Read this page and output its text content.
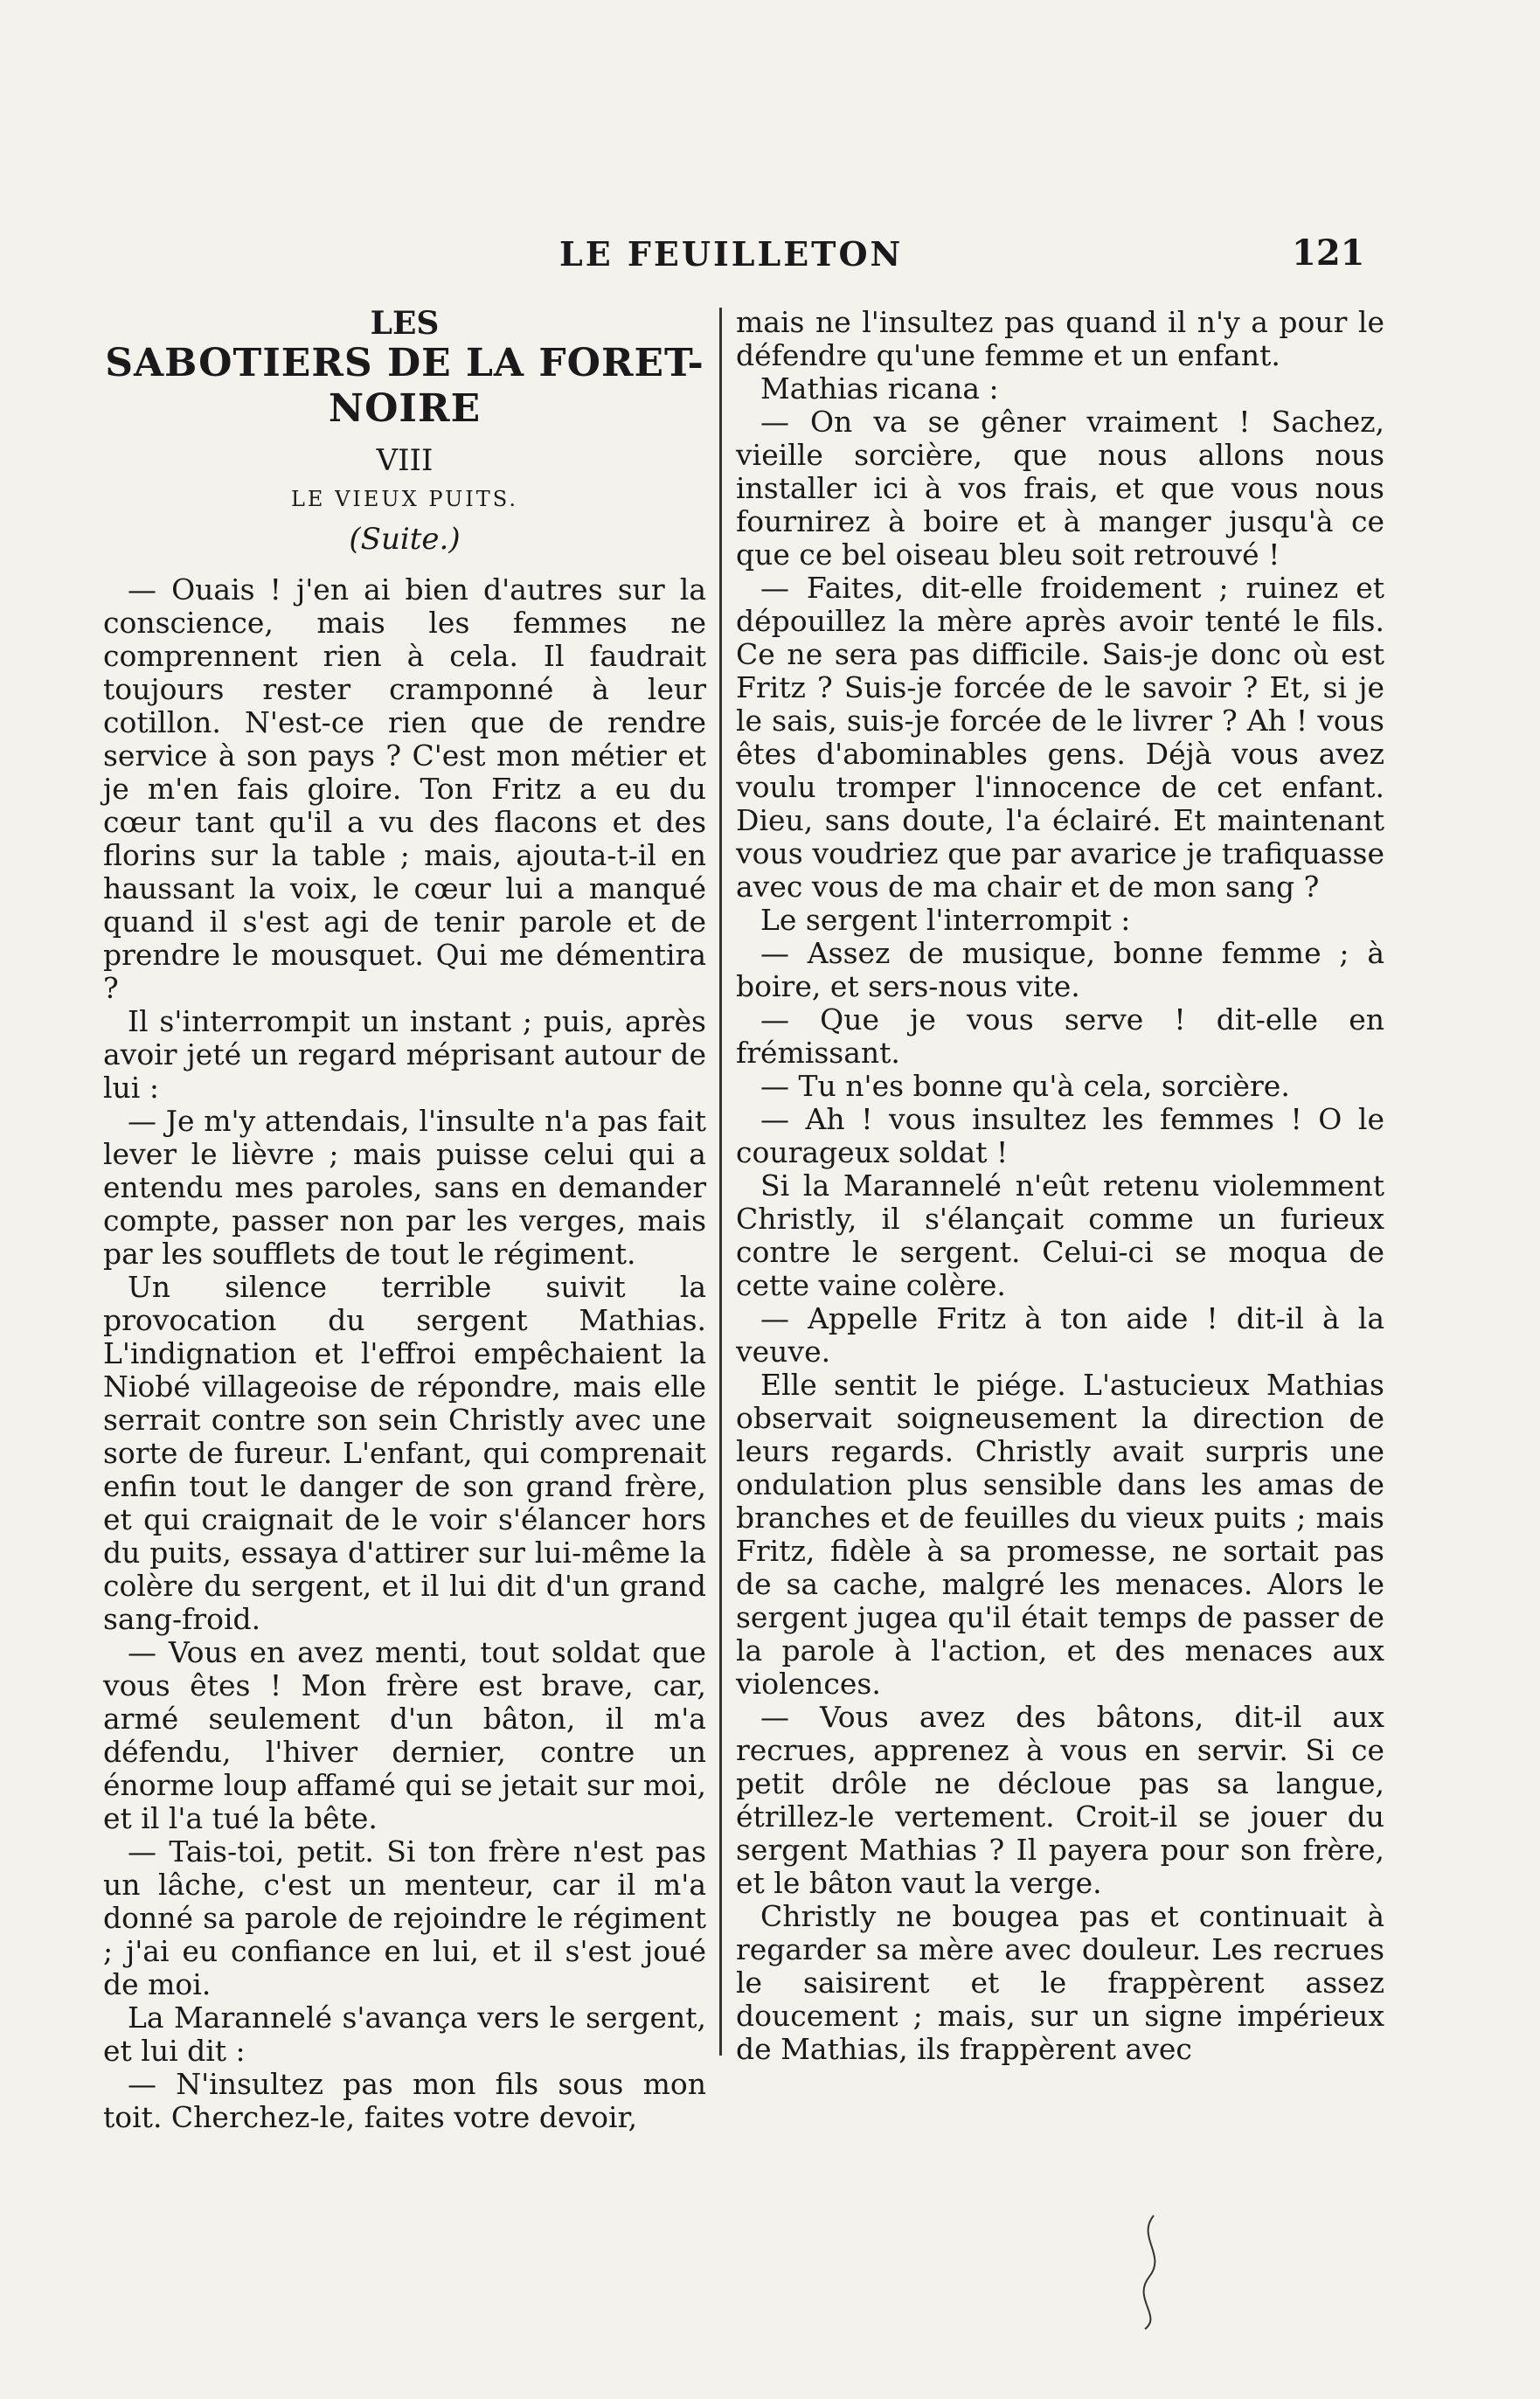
LE FEUILLETON	121
LES
SABOTIERS DE LA FORET-NOIRE
VIII
LE VIEUX PUITS.
(Suite.)

— Ouais ! j'en ai bien d'autres sur la conscience, mais les femmes ne comprennent rien à cela. Il faudrait toujours rester cramponné à leur cotillon. N'est-ce rien que de rendre service à son pays ? C'est mon métier et je m'en fais gloire. Ton Fritz a eu du cœur tant qu'il a vu des flacons et des florins sur la table ; mais, ajouta-t-il en haussant la voix, le cœur lui a manqué quand il s'est agi de tenir parole et de prendre le mousquet. Qui me démentira ?

Il s'interrompit un instant ; puis, après avoir jeté un regard méprisant autour de lui :

— Je m'y attendais, l'insulte n'a pas fait lever le lièvre ; mais puisse celui qui a entendu mes paroles, sans en demander compte, passer non par les verges, mais par les soufflets de tout le régiment.

Un silence terrible suivit la provocation du sergent Mathias. L'indignation et l'effroi empêchaient la Niobé villageoise de répondre, mais elle serrait contre son sein Christly avec une sorte de fureur. L'enfant, qui comprenait enfin tout le danger de son grand frère, et qui craignait de le voir s'élancer hors du puits, essaya d'attirer sur lui-même la colère du sergent, et il lui dit d'un grand sang-froid.

— Vous en avez menti, tout soldat que vous êtes ! Mon frère est brave, car, armé seulement d'un bâton, il m'a défendu, l'hiver dernier, contre un énorme loup affamé qui se jetait sur moi, et il l'a tué la bête.

— Tais-toi, petit. Si ton frère n'est pas un lâche, c'est un menteur, car il m'a donné sa parole de rejoindre le régiment ; j'ai eu confiance en lui, et il s'est joué de moi.

La Marannelé s'avança vers le sergent, et lui dit :

— N'insultez pas mon fils sous mon toit. Cherchez-le, faites votre devoir,

mais ne l'insultez pas quand il n'y a pour le défendre qu'une femme et un enfant.

Mathias ricana :

— On va se gêner vraiment ! Sachez, vieille sorcière, que nous allons nous installer ici à vos frais, et que vous nous fournirez à boire et à manger jusqu'à ce que ce bel oiseau bleu soit retrouvé !

— Faites, dit-elle froidement ; ruinez et dépouillez la mère après avoir tenté le fils. Ce ne sera pas difficile. Sais-je donc où est Fritz ? Suis-je forcée de le savoir ? Et, si je le sais, suis-je forcée de le livrer ? Ah ! vous êtes d'abominables gens. Déjà vous avez voulu tromper l'innocence de cet enfant. Dieu, sans doute, l'a éclairé. Et maintenant vous voudriez que par avarice je trafiquasse avec vous de ma chair et de mon sang ?

Le sergent l'interrompit :

— Assez de musique, bonne femme ; à boire, et sers-nous vite.

— Que je vous serve ! dit-elle en frémissant.

— Tu n'es bonne qu'à cela, sorcière.

— Ah ! vous insultez les femmes ! O le courageux soldat !

Si la Marannelé n'eût retenu violemment Christly, il s'élançait comme un furieux contre le sergent. Celui-ci se moqua de cette vaine colère.

— Appelle Fritz à ton aide ! dit-il à la veuve.

Elle sentit le piége. L'astucieux Mathias observait soigneusement la direction de leurs regards. Christly avait surpris une ondulation plus sensible dans les amas de branches et de feuilles du vieux puits ; mais Fritz, fidèle à sa promesse, ne sortait pas de sa cache, malgré les menaces. Alors le sergent jugea qu'il était temps de passer de la parole à l'action, et des menaces aux violences.

— Vous avez des bâtons, dit-il aux recrues, apprenez à vous en servir. Si ce petit drôle ne décloue pas sa langue, étrillez-le vertement. Croit-il se jouer du sergent Mathias ? Il payera pour son frère, et le bâton vaut la verge.

Christly ne bougea pas et continuait à regarder sa mère avec douleur. Les recrues le saisirent et le frappèrent assez doucement ; mais, sur un signe impérieux de Mathias, ils frappèrent avec
